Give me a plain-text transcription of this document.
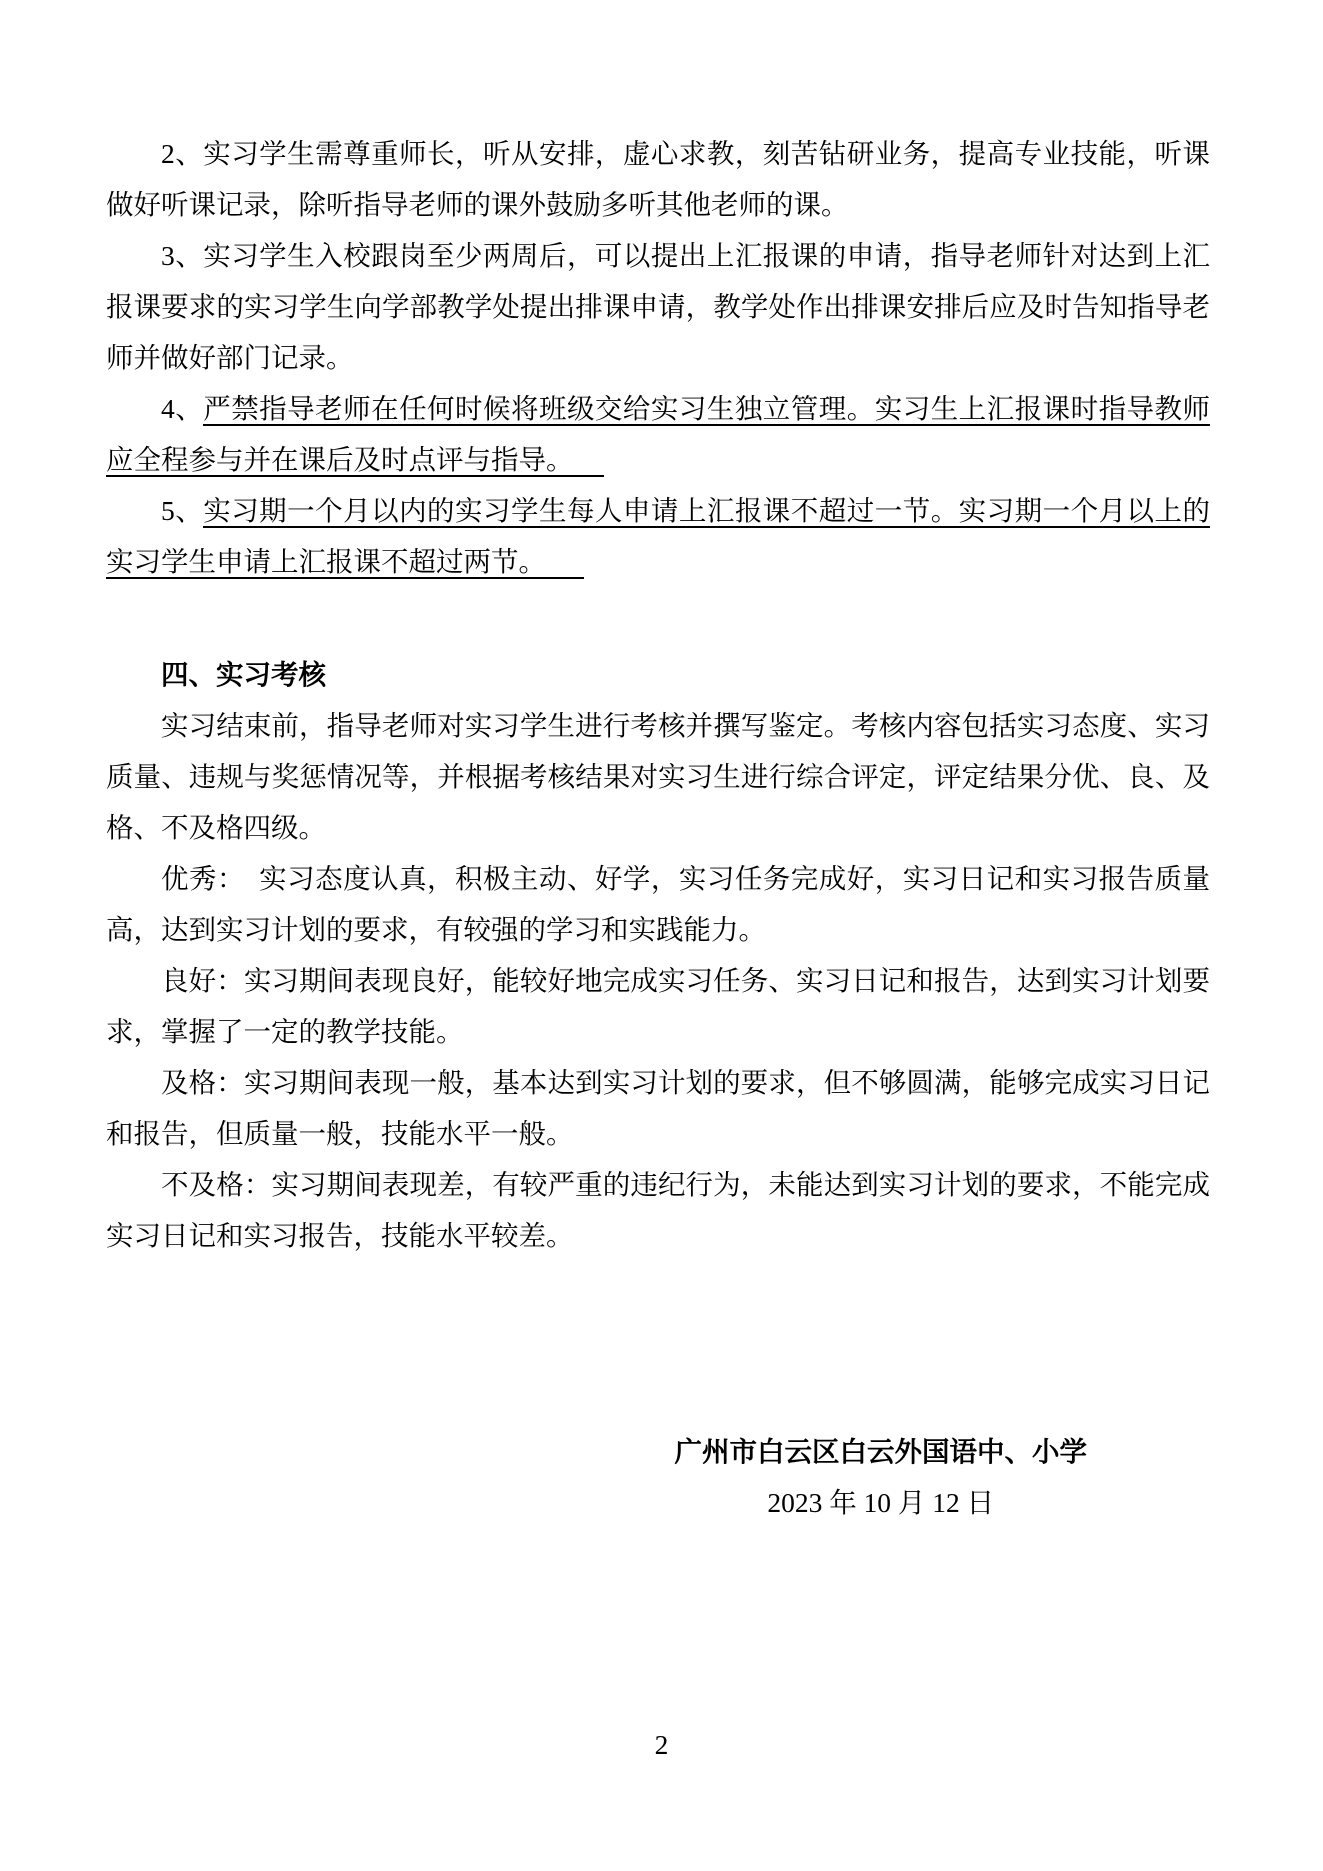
2、实习学生需尊重师长，听从安排，虚心求教，刻苦钻研业务，提高专业技能，听课做好听课记录，除听指导老师的课外鼓励多听其他老师的课。

3、实习学生入校跟岗至少两周后，可以提出上汇报课的申请，指导老师针对达到上汇报课要求的实习学生向学部教学处提出排课申请，教学处作出排课安排后应及时告知指导老师并做好部门记录。

4、严禁指导老师在任何时候将班级交给实习生独立管理。实习生上汇报课时指导教师应全程参与并在课后及时点评与指导。

5、实习期一个月以内的实习学生每人申请上汇报课不超过一节。实习期一个月以上的实习学生申请上汇报课不超过两节。

四、实习考核

实习结束前，指导老师对实习学生进行考核并撰写鉴定。考核内容包括实习态度、实习质量、违规与奖惩情况等，并根据考核结果对实习生进行综合评定，评定结果分优、良、及格、不及格四级。

优秀：　实习态度认真，积极主动、好学，实习任务完成好，实习日记和实习报告质量高，达到实习计划的要求，有较强的学习和实践能力。

良好：实习期间表现良好，能较好地完成实习任务、实习日记和报告，达到实习计划要求，掌握了一定的教学技能。

及格：实习期间表现一般，基本达到实习计划的要求，但不够圆满，能够完成实习日记和报告，但质量一般，技能水平一般。

不及格：实习期间表现差，有较严重的违纪行为，未能达到实习计划的要求，不能完成实习日记和实习报告，技能水平较差。

广州市白云区白云外国语中、小学

2023 年 10 月 12 日

2
